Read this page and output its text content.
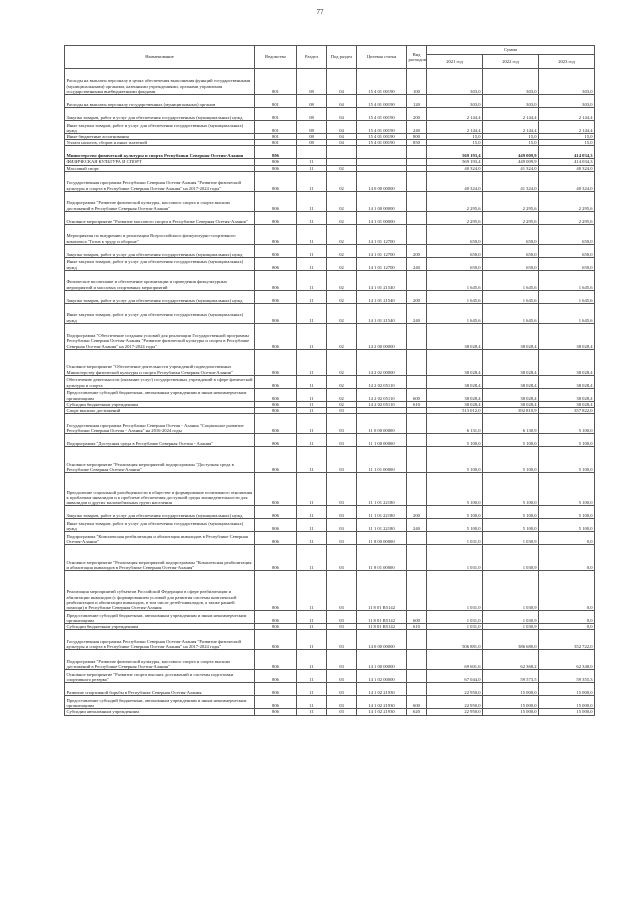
77
Наименование	Ведомство	Раздел	Под раздел	Целевая статья	Вид расходов	Сумма		
						2021 год	2022 год	2023 год
Расходы на выплаты персоналу в целях обеспечения выполнения функций государственными (муниципальными) органами, казенными учреждениями, органами управления государственными внебюджетными фондами	801	08	04	15 4 01 00190	100	303,0	303,0	303,0
Расходы на выплаты персоналу государственных (муниципальных) органов	801	08	04	15 4 01 00190	120	303,0	303,0	303,0
Закупка товаров, работ и услуг для обеспечения государственных (муниципальных) нужд	801	08	04	15 4 01 00190	200	2 144,4	2 144,4	2 144,4
Иные закупки товаров, работ и услуг для обеспечения государственных (муниципальных) нужд	801	08	04	15 4 01 00190	240	2 144,4	2 144,4	2 144,4
Иные бюджетные ассигнования	801	08	04	15 4 01 00190	800	15,0	15,0	15,0
Уплата налогов, сборов и иных платежей	801	08	04	15 4 01 00190	850	15,0	15,0	15,0
Министерство физической культуры и спорта Республики Северная Осетия-Алания	806					569 193,4	449 009,9	414 034,3
ФИЗИЧЕСКАЯ КУЛЬТУРА И СПОРТ	806	11				569 193,4	449 009,9	414 034,3
Массовый спорт	806	11	02			40 324,0	41 324,0	40 324,0
Государственная программа Республики Северная Осетия-Алания "Развитие физической культуры и спорта в Республике Северная Осетия-Алания" на 2017-2024 годы"	806	11	02	14 0 00 00000		40 324,0	41 324,0	40 324,0
Подпрограмма "Развитие физической культуры, массового спорта и спорта высших достижений в Республике Северная Осетия-Алания"	806	11	02	14 1 00 00000		2 295,6	2 295,6	2 295,6
Основное мероприятие "Развитие массового спорта в Республике Северная Осетия-Алания"	806	11	02	14 1 01 00000		2 295,6	2 295,6	2 295,6
Мероприятия по внедрению и реализации Всероссийского физкультурно-спортивного комплекса "Готов к труду и обороне"	806	11	02	14 1 01 12700		650,0	650,0	650,0
Закупка товаров, работ и услуг для обеспечения государственных (муниципальных) нужд	806	11	02	14 1 01 12700	200	650,0	650,0	650,0
Иные закупки товаров, работ и услуг для обеспечения государственных (муниципальных) нужд	806	11	02	14 1 01 12700	240	650,0	650,0	650,0
Физическое воспитание и обеспечение организации и проведения физкультурных мероприятий и массовых спортивных мероприятий	806	11	02	14 1 01 21540		1 645,6	1 645,6	1 645,6
Закупка товаров, работ и услуг для обеспечения государственных (муниципальных) нужд	806	11	02	14 1 01 21540	200	1 645,6	1 645,6	1 645,6
Иные закупки товаров, работ и услуг для обеспечения государственных (муниципальных) нужд	806	11	02	14 1 01 21540	240	1 645,6	1 645,6	1 645,6
Подпрограмма "Обеспечение создания условий для реализации Государственной программы Республики Северная Осетия-Алания "Развитие физической культуры и спорта в Республике Северная Осетия-Алания" на 2017-2024 годы"	806	11	02	14 2 00 00000		38 028,4	38 028,4	38 028,4
Основное мероприятие "Обеспечение деятельности учреждений подведомственных Министерству физической культуры и спорта Республики Северная Осетия-Алания"	806	11	02	14 2 02 00000		38 028,4	38 028,4	38 028,4
Обеспечение деятельности (оказание услуг) государственных учреждений в сфере физической культуры и спорта	806	11	02	14 2 02 05110		38 028,4	38 028,4	38 028,4
Предоставление субсидий бюджетным, автономным учреждениям и иным некоммерческим организациям	806	11	02	14 2 02 05110	600	38 028,4	38 028,4	38 028,4
Субсидии бюджетным учреждениям	806	11	02	14 2 02 05110	610	38 028,4	38 028,4	38 028,4
Спорт высших достижений	806	11	03			513 012,0	392 810,9	357 822,0
Государственная программа Республики Северная Осетия - Алания "Социальное развитие Республики Северная Осетия - Алания" на 2016-2024 годы	806	11	03	11 0 00 00000		6 131,0	6 130,9	5 100,0
Подпрограмма "Доступная среда в Республике Северная Осетия - Алания"	806	11	03	11 1 00 00000		5 100,0	5 100,0	5 100,0
Основное мероприятие "Реализация мероприятий подпрограммы "Доступная среда в Республике Северная Осетия-Алания"	806	11	03	11 1 01 00000		5 100,0	5 100,0	5 100,0
Преодоление социальной разобщенности в обществе и формирование позитивного отношения к проблемам инвалидов и к проблеме обеспечения доступной среды жизнедеятельности для инвалидов и других маломобильных групп населения	806	11	03	11 1 01 22180		5 100,0	5 100,0	5 100,0
Закупка товаров, работ и услуг для обеспечения государственных (муниципальных) нужд	806	11	03	11 1 01 22180	200	5 100,0	5 100,0	5 100,0
Иные закупки товаров, работ и услуг для обеспечения государственных (муниципальных) нужд	806	11	03	11 1 01 22180	240	5 100,0	5 100,0	5 100,0
Подпрограмма "Комплексная реабилитация и абилитация инвалидов в Республике Северная Осетия-Алания"	806	11	03	11 8 00 00000		1 031,0	1 030,9	0,0
Основное мероприятие "Реализация мероприятий подпрограммы "Комплексная реабилитация и абилитация инвалидов в Республике Северная Осетия-Алания"	806	11	03	11 8 01 00000		1 031,0	1 030,9	0,0
Реализация мероприятий субъектов Российской Федерации в сфере реабилитации и абилитации инвалидов (с формированием условий для развития системы комплексной реабилитации и абилитации инвалидов, в том числе детей-инвалидов, а также ранней помощи) в Республике Северная Осетия-Алания	806	11	03	11 8 01 R5142		1 031,0	1 030,9	0,0
Предоставление субсидий бюджетным, автономным учреждениям и иным некоммерческим организациям	806	11	03	11 8 01 R5142	600	1 031,0	1 030,9	0,0
Субсидии бюджетным учреждениям	806	11	03	11 8 01 R5142	610	1 031,0	1 030,9	0,0
Государственная программа Республики Северная Осетия-Алания "Развитие физической культуры и спорта в Республике Северная Осетия-Алания" на 2017-2024 годы"	806	11	03	14 0 00 00000		506 881,0	386 680,0	352 722,0
Подпрограмма "Развитие физической культуры, массового спорта и спорта высших достижений в Республике Северная Осетия-Алания"	806	11	03	14 1 00 00000		69 601,6	62 368,2	62 348,0
Основное мероприятие "Развитие спорта высших достижений и системы подготовки спортивного резерва"	806	11	03	14 1 02 00000		67 044,0	59 573,5	59 355,3
Развитие спортивной борьбы в Республике Северная Осетия-Алания	806	11	03	14 1 02 21930		22 950,0	15 000,0	15 000,0
Предоставление субсидий бюджетным, автономным учреждениям и иным некоммерческим организациям	806	11	03	14 1 02 21930	600	22 950,0	15 000,0	15 000,0
Субсидии автономным учреждениям	806	11	03	14 1 02 21930	620	22 950,0	15 000,0	15 000,0
